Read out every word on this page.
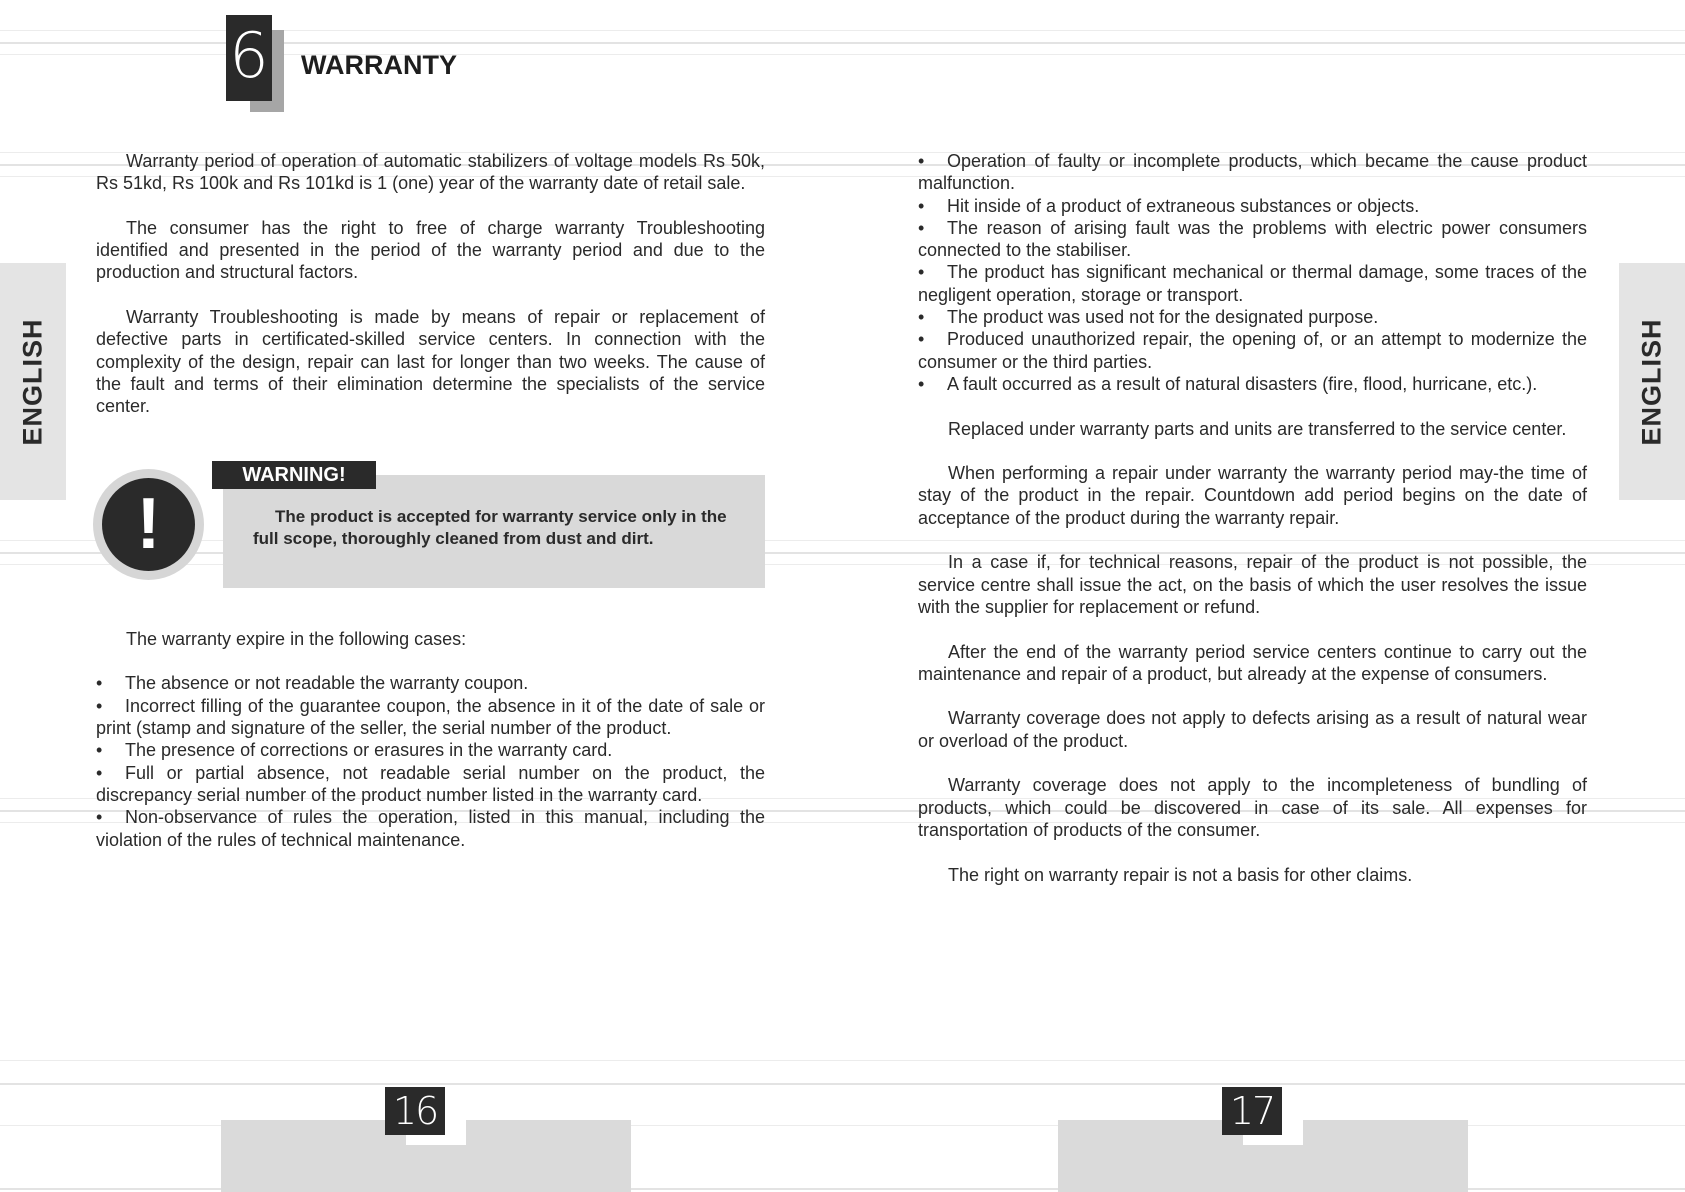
6 WARRANTY
ENGLISH	ENGLISH

Warranty period of operation of automatic stabilizers of voltage models Rs 50k, Rs 51kd, Rs 100k and Rs 101kd is 1 (one) year of the warranty date of retail sale.

The consumer has the right to free of charge warranty Troubleshooting identified and presented in the period of the warranty period and due to the production and structural factors.

Warranty Troubleshooting is made by means of repair or replacement of defective parts in certificated-skilled service centers. In connection with the complexity of the design, repair can last for longer than two weeks. The cause of the fault and terms of their elimination determine the specialists of the service center.

The warranty expire in the following cases:

• The absence or not readable the warranty coupon.
• Incorrect filling of the guarantee coupon, the absence in it of the date of sale or print (stamp and signature of the seller, the serial number of the product.
• The presence of corrections or erasures in the warranty card.
• Full or partial absence, not readable serial number on the product, the discrepancy serial number of the product number listed in the warranty card.
• Non-observance of rules the operation, listed in this manual, including the violation of the rules of technical maintenance.
WARNING!
!	The product is accepted for warranty service only in the full scope, thoroughly cleaned from dust and dirt.
• Operation of faulty or incomplete products, which became the cause product malfunction.
• Hit inside of a product of extraneous substances or objects.
• The reason of arising fault was the problems with electric power consumers connected to the stabiliser.
• The product has significant mechanical or thermal damage, some traces of the negligent operation, storage or transport.
• The product was used not for the designated purpose.
• Produced unauthorized repair, the opening of, or an attempt to modernize the consumer or the third parties.
• A fault occurred as a result of natural disasters (fire, flood, hurricane, etc.).

Replaced under warranty parts and units are transferred to the service center.

When performing a repair under warranty the warranty period may-the time of stay of the product in the repair. Countdown add period begins on the date of acceptance of the product during the warranty repair.

In a case if, for technical reasons, repair of the product is not possible, the service centre shall issue the act, on the basis of which the user resolves the issue with the supplier for replacement or refund.

After the end of the warranty period service centers continue to carry out the maintenance and repair of a product, but already at the expense of consumers.

Warranty coverage does not apply to defects arising as a result of natural wear or overload of the product.

Warranty coverage does not apply to the incompleteness of bundling of products, which could be discovered in case of its sale. All expenses for transportation of products of the consumer.

The right on warranty repair is not a basis for other claims.

16	17
